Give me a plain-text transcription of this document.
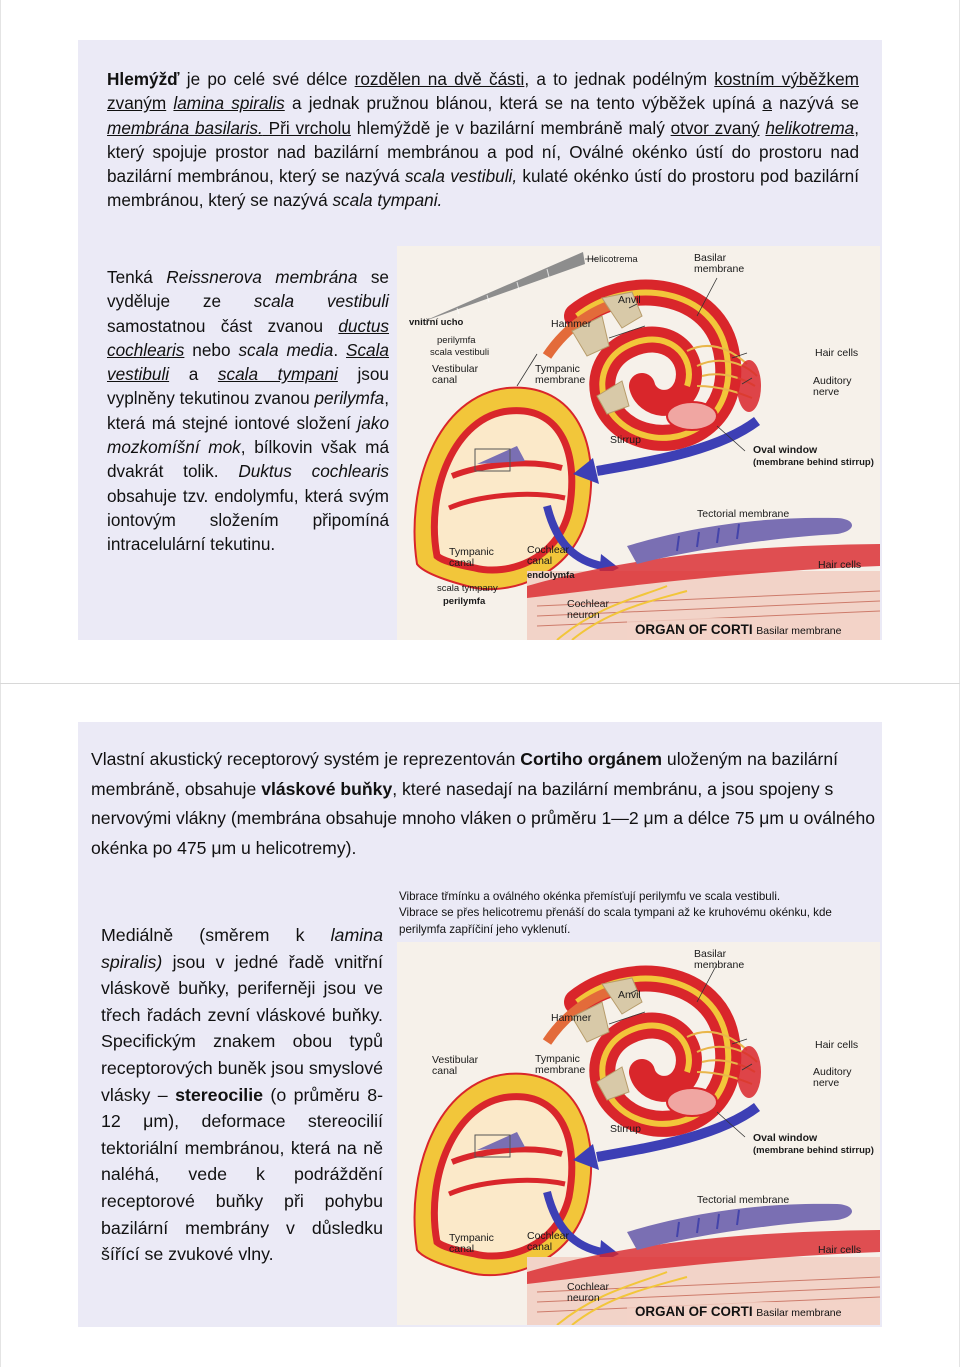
Hlemýžď je po celé své délce rozdělen na dvě části, a to jednak podélným kostním výběžkem zvaným lamina spiralis a jednak pružnou blánou, která se na tento výběžek upíná a nazývá se membrána basilaris. Při vrcholu hlemýždě je v bazilární membráně malý otvor zvaný helikotrema, který spojuje prostor nad bazilární membránou a pod ní, Oválné okénko ústí do prostoru nad bazilární membránou, který se nazývá scala vestibuli, kulaté okénko ústí do prostoru pod bazilární membránou, který se nazývá scala tympani.
Tenká Reissnerova membrána se vyděluje ze scala vestibuli samostatnou část zvanou ductus cochlearis nebo scala media. Scala vestibuli a scala tympani jsou vyplněny tekutinou zvanou perilymfa, která má stejné iontové složení jako mozkomíšní mok, bílkovin však má dvakrát tolik. Duktus cochlearis obsahuje tzv. endolymfu, která svým iontovým složením připomíná intracelulární tekutinu.
Helicotrema
vnitřní ucho
Basilar membrane
Anvil
Hammer
perilymfa
scala vestibuli
Vestibular canal
Tympanic membrane
Hair cells
Auditory nerve
Stirrup
Oval window
(membrane behind stirrup)
Tectorial membrane
Tympanic canal
Cochlear canal
endolymfa
Hair cells
scala tympany
perilymfa	Cochlear neuron
ORGAN OF CORTI Basilar membrane
Vlastní akustický receptorový systém je reprezentován Cortiho orgánem uloženým na bazilární membráně, obsahuje vláskové buňky, které nasedají na bazilární membránu, a jsou spojeny s nervovými vlákny (membrána obsahuje mnoho vláken o průměru 1—2 μm a délce 75 μm u oválného okénka po 475 μm u helicotremy).
Vibrace třmínku a oválného okénka přemísťují perilymfu ve scala vestibuli.
Vibrace se přes helicotremu přenáší do scala tympani až ke kruhovému okénku, kde perilymfa zapříčiní jeho vyklenutí.
Mediálně (směrem k lamina spiralis) jsou v jedné řadě vnitřní vláskově buňky, periferněji jsou ve třech řadách zevní vláskové buňky. Specifickým znakem obou typů receptorových buněk jsou smyslové vlásky – stereocilie (o průměru 8-12 μm), deformace stereocilií tektoriální membránou, která na ně naléhá, vede k podráždění receptorové buňky při pohybu bazilární membrány v důsledku šířící se zvukové vlny.
Basilar membrane
Anvil
Hammer
Vestibular canal
Tympanic membrane
Hair cells
Auditory nerve
Stirrup
Oval window
(membrane behind stirrup)
Tectorial membrane
Tympanic canal
Cochlear canal	Hair cells
Cochlear neuron
ORGAN OF CORTI Basilar membrane
